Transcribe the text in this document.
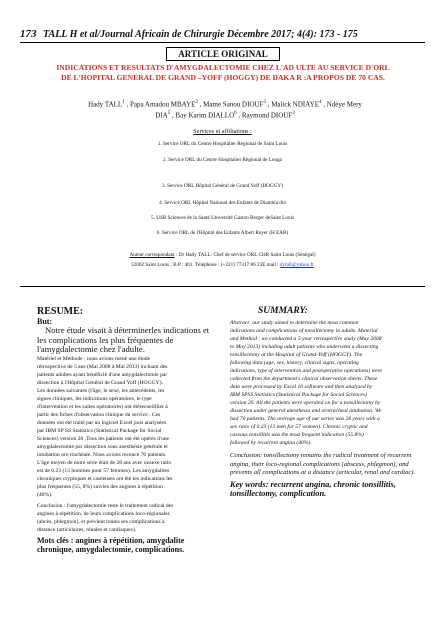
173 TALL H et al/Journal Africain de Chirurgie Décembre 2017; 4(4): 173 - 175
ARTICLE ORIGINAL
INDICATIONS ET RESULTATS D'AMYGDALECTOMIE CHEZ L'AD ULTE AU SERVICE D'ORL
DE L'HOPITAL GENERAL DE GRAND –YOFF (HOGGY) DE DAKA R :A PROPOS DE 70 CAS.
Hady TALL$^1$ , Papa Amadou MBAYE$^2$ , Mame Sanou DIOUF$^3$ , Malick NDIAYE$^4$ , Ndèye Mery
DIA$^5$ , Bay Karim DIALLO$^6$ , Raymond DIOUF$^3$
Services et affiliations :
1. Service ORL du Centre Hospitalier Régional de Saint Louis
2. Service ORL du Centre Hospitalier Régional de Louga
3. Service ORL Hôpital Général de Grand Yoff (HOGGY)
4. Service ORL Hôpital National des Enfants de Diamnia din
5. USR Sciences de la Santé Université Gaston Berger deSaint Louis
6. Service ORL de l'Hôpital des Enfants Albert Royer (H EAR)
Auteur correspondant : Dr Hady TALL: Chef de service ORL CHR Saint Louis (Sénégal)
32002 Saint Louis ; B.P : 401. Téléphone : (+221) 77317 86 23E mail : dytall@yahoo.fr
RESUME:
But:

Notre étude visait à déterminerles indications et les complications les plus fréquentes de l'amygdalectomie chez l'adulte.

Matériel et Méthode : nous avions mené une étude

rétrospective de 5 ans (Mai 2008 à Mai 2013) incluant des

patients adultes ayant bénéficié d'une amygdalectomie par

dissection à l'Hôpital Général de Grand Yoff (HOGGY).

Les données suivantes (l'âge, le sexe, les antécédents, les

signes cliniques, les indications opératoires, le type

d'intervention et les suites opératoires) ont étérecueilllier à

partir des fiches d'observation clinique du service . Ces

données ont été traité par un logiciel Excel puis analysées

par IBM SP SS Statistics (Statistical Package for Social

Sciences) version 20 .Tous les patients ont été opérés d'une

amygdalectomie par dissection sous anesthésie générale et

intubation oro trachéale. Nous avions recencé 70 patients.

L'âge moyen de notre série était de 28 ans avec unsexe ratio

est de 0.23 (13 hommes pour 57 femmes). Les amygdalites

chroniques cryptiques et caséeuses ont été les indications les

plus fréquentes (55, 8%) suivies des angines à répétition

(40%).

Conclusion : l'amygdalectomie reste le traitement radical des

angines à répétition, de leurs complications loco-régionales

(abcès, phlegmon), et prévient toutes ses complications à

distance (articulaires, rénales et cardiaques).

Mots clés : angines à répétition, amygdalite chronique, amygdalectomie, complications.

SUMMARY:

Abstract: our study aimed to determine the most common

indications and complications of tonsillectomy in adults. Material

and Method : we conducted a 5-year retrospective study (May 2008

to May 2013) including adult patients who underwent a dissecting

tonsillectomy at the Hospital of Grand-Yoff (HOGGY). The

following data (age, sex, history, clinical signs, operating

indications, type of intervention and postoperative operations) were

collected from the department's clinical observation sheets. These

data were processed by Excel 10 software and then analyzed by

IBM SPSS Statistics (Statistical Package for Social Sciences)

version 20. All the patients were operated on for a tonsillectomy by

dissection under general anesthesia and orotracheal intubation. We

had 70 patients. The average age of our series was 28 years with a

sex ratio of 0.23 (13 men for 57 women). Chronic cryptic and

caseous tonsillitis was the most frequent indication (55.8%)

followed by recurrent angina (40%).

Conclusion: tonsillectomy remains the radical treatment of recurrent angina, their loco-regional complications (abscess, phlegmon), and prevents all complications at a distance (articular, renal and cardiac).

Key words: recurrent angina, chronic tonsillitis, tonsillectomy, complication.
